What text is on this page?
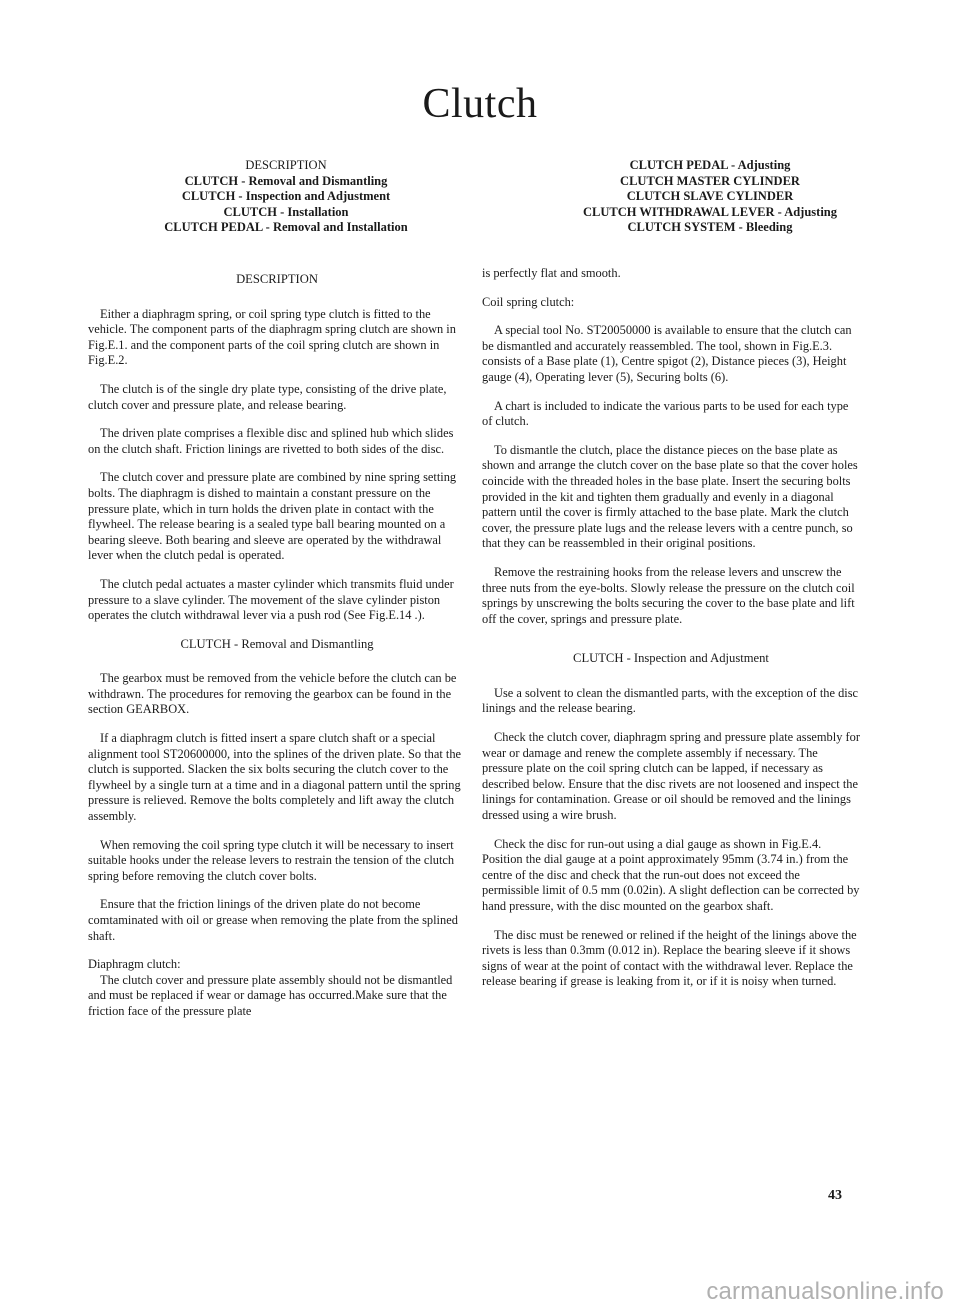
Clutch
DESCRIPTION
CLUTCH - Removal and Dismantling
CLUTCH - Inspection and Adjustment
CLUTCH - Installation
CLUTCH PEDAL - Removal and Installation
CLUTCH PEDAL - Adjusting
CLUTCH MASTER CYLINDER
CLUTCH SLAVE CYLINDER
CLUTCH WITHDRAWAL LEVER - Adjusting
CLUTCH SYSTEM - Bleeding
DESCRIPTION

Either a diaphragm spring, or coil spring type clutch is fitted to the vehicle. The component parts of the diaphragm spring clutch are shown in Fig.E.1. and the component parts of the coil spring clutch are shown in Fig.E.2.

The clutch is of the single dry plate type, consisting of the drive plate, clutch cover and pressure plate, and release bearing.

The driven plate comprises a flexible disc and splined hub which slides on the clutch shaft. Friction linings are rivetted to both sides of the disc.

The clutch cover and pressure plate are combined by nine spring setting bolts. The diaphragm is dished to maintain a constant pressure on the pressure plate, which in turn holds the driven plate in contact with the flywheel. The release bearing is a sealed type ball bearing mounted on a bearing sleeve. Both bearing and sleeve are operated by the withdrawal lever when the clutch pedal is operated.

The clutch pedal actuates a master cylinder which transmits fluid under pressure to a slave cylinder. The movement of the slave cylinder piston operates the clutch withdrawal lever via a push rod (See Fig.E.14 .).

CLUTCH - Removal and Dismantling

The gearbox must be removed from the vehicle before the clutch can be withdrawn. The procedures for removing the gearbox can be found in the section GEARBOX.

If a diaphragm clutch is fitted insert a spare clutch shaft or a special alignment tool ST20600000, into the splines of the driven plate. So that the clutch is supported. Slacken the six bolts securing the clutch cover to the flywheel by a single turn at a time and in a diagonal pattern until the spring pressure is relieved. Remove the bolts completely and lift away the clutch assembly.

When removing the coil spring type clutch it will be necessary to insert suitable hooks under the release levers to restrain the tension of the clutch spring before removing the clutch cover bolts.

Ensure that the friction linings of the driven plate do not become comtaminated with oil or grease when removing the plate from the splined shaft.

Diaphragm clutch:

The clutch cover and pressure plate assembly should not be dismantled and must be replaced if wear or damage has occurred.Make sure that the friction face of the pressure plate

is perfectly flat and smooth.

Coil spring clutch:

A special tool No. ST20050000 is available to ensure that the clutch can be dismantled and accurately reassembled. The tool, shown in Fig.E.3. consists of a Base plate (1), Centre spigot (2), Distance pieces (3), Height gauge (4), Operating lever (5), Securing bolts (6).

A chart is included to indicate the various parts to be used for each type of clutch.

To dismantle the clutch, place the distance pieces on the base plate as shown and arrange the clutch cover on the base plate so that the cover holes coincide with the threaded holes in the base plate. Insert the securing bolts provided in the kit and tighten them gradually and evenly in a diagonal pattern until the cover is firmly attached to the base plate. Mark the clutch cover, the pressure plate lugs and the release levers with a centre punch, so that they can be reassembled in their original positions.

Remove the restraining hooks from the release levers and unscrew the three nuts from the eye-bolts. Slowly release the pressure on the clutch coil springs by unscrewing the bolts securing the cover to the base plate and lift off the cover, springs and pressure plate.

CLUTCH - Inspection and Adjustment

Use a solvent to clean the dismantled parts, with the exception of the disc linings and the release bearing.

Check the clutch cover, diaphragm spring and pressure plate assembly for wear or damage and renew the complete assembly if necessary. The pressure plate on the coil spring clutch can be lapped, if necessary as described below. Ensure that the disc rivets are not loosened and inspect the linings for contamination. Grease or oil should be removed and the linings dressed using a wire brush.

Check the disc for run-out using a dial gauge as shown in Fig.E.4. Position the dial gauge at a point approximately 95mm (3.74 in.) from the centre of the disc and check that the run-out does not exceed the permissible limit of 0.5 mm (0.02in). A slight deflection can be corrected by hand pressure, with the disc mounted on the gearbox shaft.

The disc must be renewed or relined if the height of the linings above the rivets is less than 0.3mm (0.012 in). Replace the bearing sleeve if it shows signs of wear at the point of contact with the withdrawal lever. Replace the release bearing if grease is leaking from it, or if it is noisy when turned.

43
carmanualsonline.info
